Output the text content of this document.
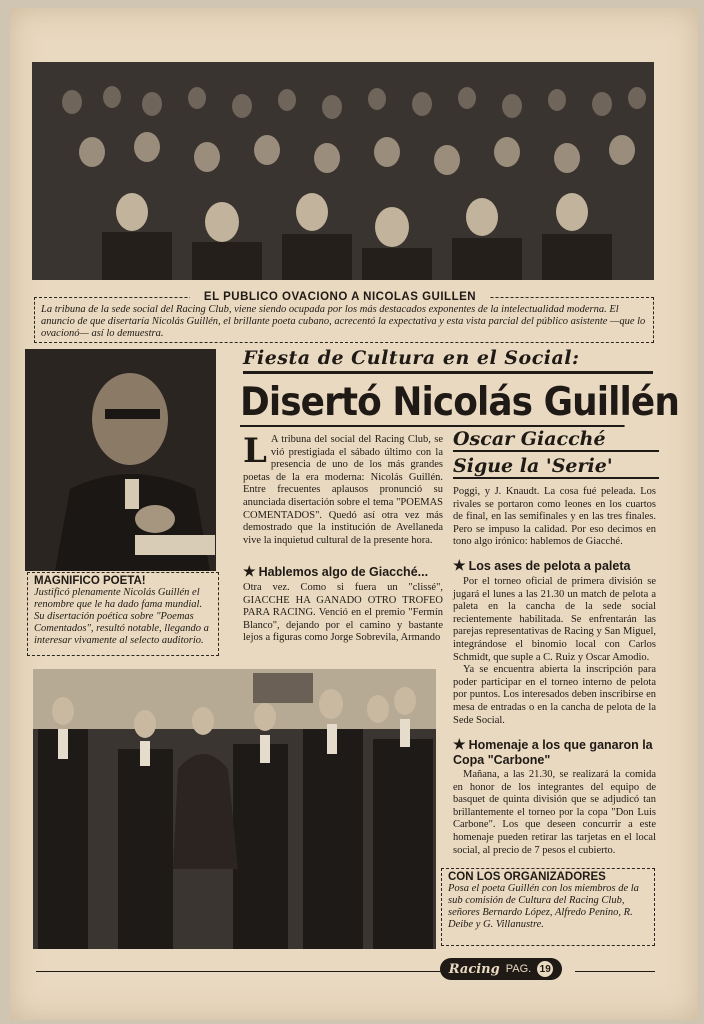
EL PUBLICO OVACIONO A NICOLAS GUILLEN
La tribuna de la sede social del Racing Club, viene siendo ocupada por los más destacados exponentes de la intelectualidad moderna. El anuncio de que disertaría Nicolás Guillén, el brillante poeta cubano, acrecentó la expectativa y esta vista parcial del público asistente —que lo ovacionó— así lo demuestra.
MAGNIFICO POETA!
Justificó plenamente Nicolás Guillén el renombre que le ha dado fama mundial. Su disertación poética sobre "Poemas Comentados", resultó notable, llegando a interesar vivamente al selecto auditorio.
Fiesta de Cultura en el Social:
Disertó Nicolás Guillén
L A tribuna del social del Racing Club, se vió prestigiada el sábado último con la presencia de uno de los más grandes poetas de la era moderna: Nicolás Guillén. Entre frecuentes aplausos pronunció su anunciada disertación sobre el tema "POEMAS COMENTADOS". Quedó así otra vez más demostrado que la institución de Avellaneda vive la inquietud cultural de la presente hora.
★ Hablemos algo de Giacché...
Otra vez. Como si fuera un "clissé", GIACCHE HA GANADO OTRO TROFEO PARA RACING. Venció en el premio "Fermín Blanco", dejando por el camino y bastante lejos a figuras como Jorge Sobrevila, Armando
Oscar Giacché
Sigue la 'Serie'
Poggi, y J. Knaudt. La cosa fué peleada. Los rivales se portaron como leones en los cuartos de final, en las semifinales y en las tres finales. Pero se impuso la calidad. Por eso decimos en tono algo irónico: hablemos de Giacché.
★ Los ases de pelota a paleta
Por el torneo oficial de primera división se jugará el lunes a las 21.30 un match de pelota a paleta en la cancha de la sede social recientemente habilitada. Se enfrentarán las parejas representativas de Racing y San Miguel, integrándose el binomio local con Carlos Schmidt, que suple a C. Ruiz y Oscar Amodio.
Ya se encuentra abierta la inscripción para poder participar en el torneo interno de pelota por puntos. Los interesados deben inscribirse en mesa de entradas o en la cancha de pelota de la Sede Social.
★ Homenaje a los que ganaron la Copa "Carbone"
Mañana, a las 21.30, se realizará la comida en honor de los integrantes del equipo de basquet de quinta división que se adjudicó tan brillantemente el torneo por la copa "Don Luis Carbone". Los que deseen concurrir a este homenaje pueden retirar las tarjetas en el local social, al precio de 7 pesos el cubierto.
CON LOS ORGANIZADORES
Posa el poeta Guillén con los miembros de la sub comisión de Cultura del Racing Club, señores Bernardo López, Alfredo Penino, R. Deibe y G. Villanustre.
Racing PAG. 19
